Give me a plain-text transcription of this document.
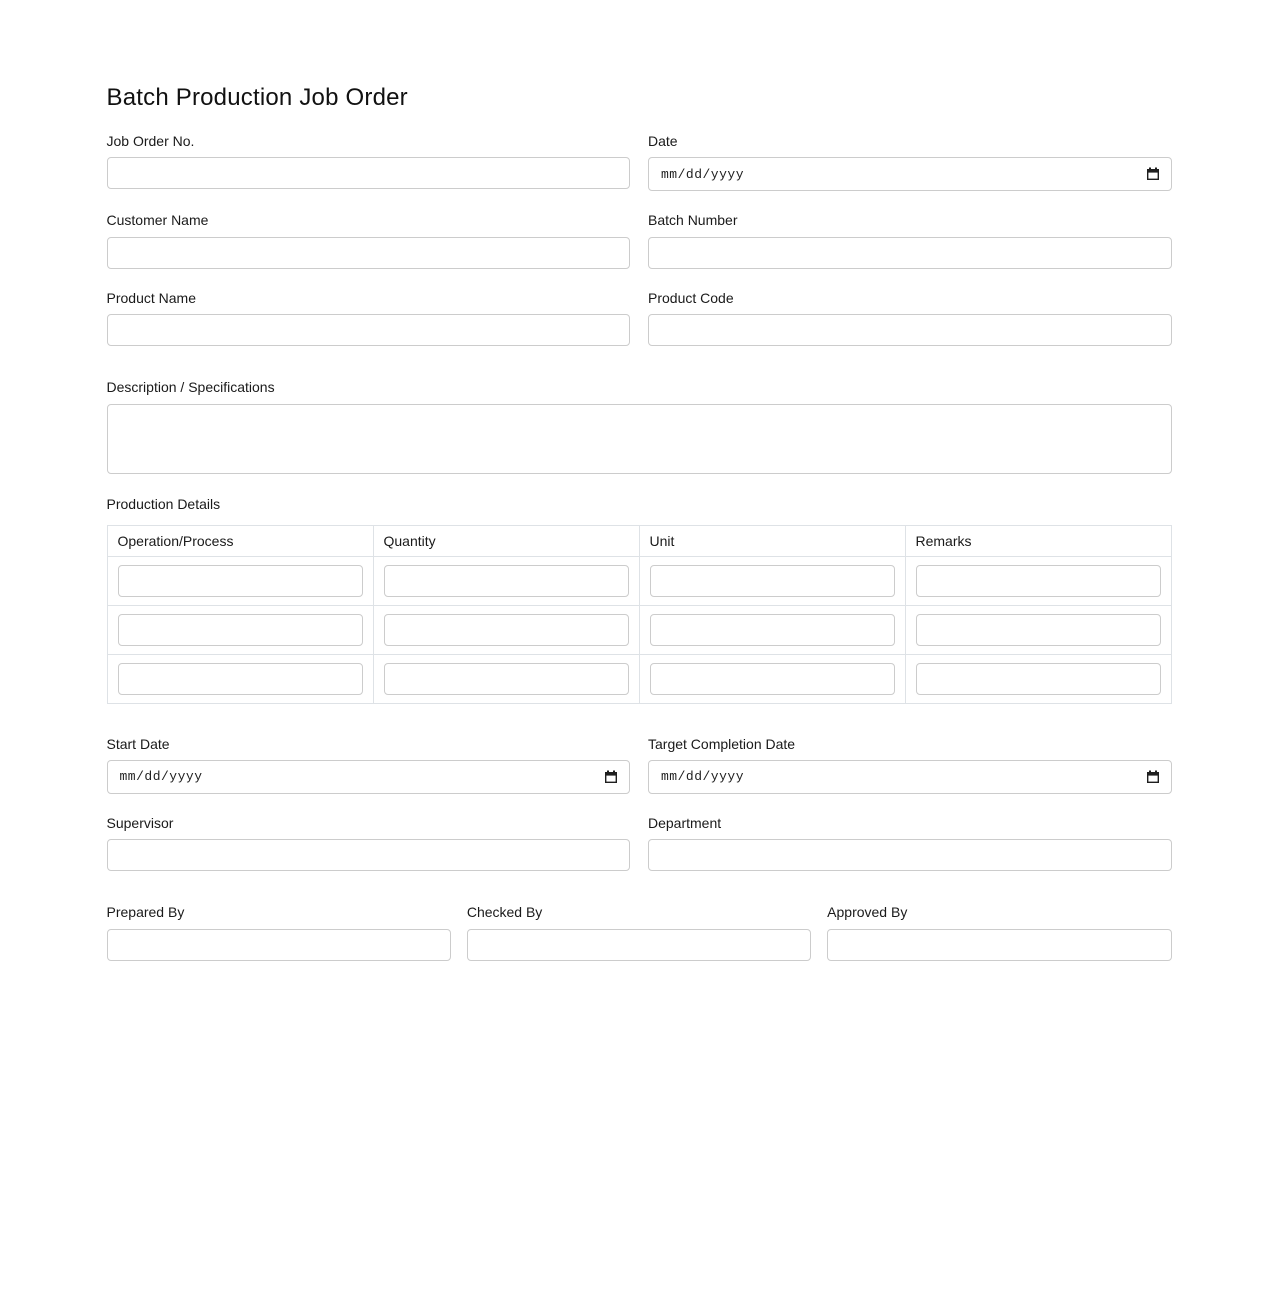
Batch Production Job Order
Job Order No.	Date
mm/dd/yyyy
Customer Name	Batch Number
Product Name	Product Code
Description / Specifications
Production Details
Operation/Process	Quantity	Unit	Remarks

Start Date
mm/dd/yyyy
Target Completion Date
mm/dd/yyyy
Supervisor	Department
Prepared By	Checked By	Approved By
